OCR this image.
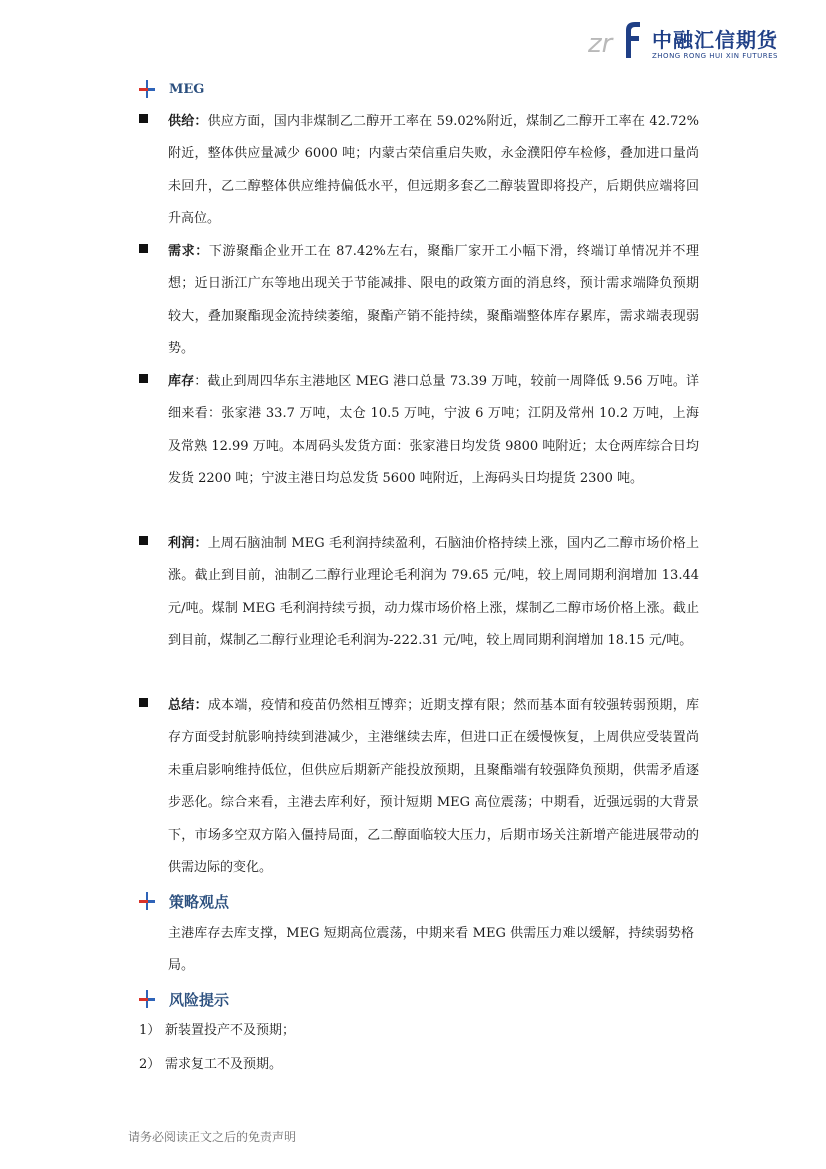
zr 中融汇信期货
ZHONG RONG HUI XIN FUTURES
MEG

供给：供应方面，国内非煤制乙二醇开工率在 59.02%附近，煤制乙二醇开工率在 42.72%附近，整体供应量减少 6000 吨；内蒙古荣信重启失败，永金濮阳停车检修，叠加进口量尚未回升，乙二醇整体供应维持偏低水平，但远期多套乙二醇装置即将投产，后期供应端将回升高位。

需求：下游聚酯企业开工在 87.42%左右，聚酯厂家开工小幅下滑，终端订单情况并不理想；近日浙江广东等地出现关于节能减排、限电的政策方面的消息终，预计需求端降负预期较大，叠加聚酯现金流持续萎缩，聚酯产销不能持续，聚酯端整体库存累库，需求端表现弱势。

库存：截止到周四华东主港地区 MEG 港口总量 73.39 万吨，较前一周降低 9.56 万吨。详细来看：张家港 33.7 万吨，太仓 10.5 万吨，宁波 6 万吨；江阴及常州 10.2 万吨，上海及常熟 12.99 万吨。本周码头发货方面：张家港日均发货 9800 吨附近；太仓两库综合日均发货 2200 吨；宁波主港日均总发货 5600 吨附近，上海码头日均提货 2300 吨。

利润：上周石脑油制 MEG 毛利润持续盈利，石脑油价格持续上涨，国内乙二醇市场价格上涨。截止到目前，油制乙二醇行业理论毛利润为 79.65 元/吨，较上周同期利润增加 13.44 元/吨。煤制 MEG 毛利润持续亏损，动力煤市场价格上涨，煤制乙二醇市场价格上涨。截止到目前，煤制乙二醇行业理论毛利润为-222.31 元/吨，较上周同期利润增加 18.15 元/吨。

总结：成本端，疫情和疫苗仍然相互博弈；近期支撑有限；然而基本面有较强转弱预期，库存方面受封航影响持续到港减少，主港继续去库，但进口正在缓慢恢复，上周供应受装置尚未重启影响维持低位，但供应后期新产能投放预期，且聚酯端有较强降负预期，供需矛盾逐步恶化。综合来看，主港去库利好，预计短期 MEG 高位震荡；中期看，近强远弱的大背景下，市场多空双方陷入僵持局面，乙二醇面临较大压力，后期市场关注新增产能进展带动的供需边际的变化。

策略观点

主港库存去库支撑，MEG 短期高位震荡，中期来看 MEG 供需压力难以缓解，持续弱势格局。

风险提示
1） 新装置投产不及预期；
2） 需求复工不及预期。
请务必阅读正文之后的免责声明
